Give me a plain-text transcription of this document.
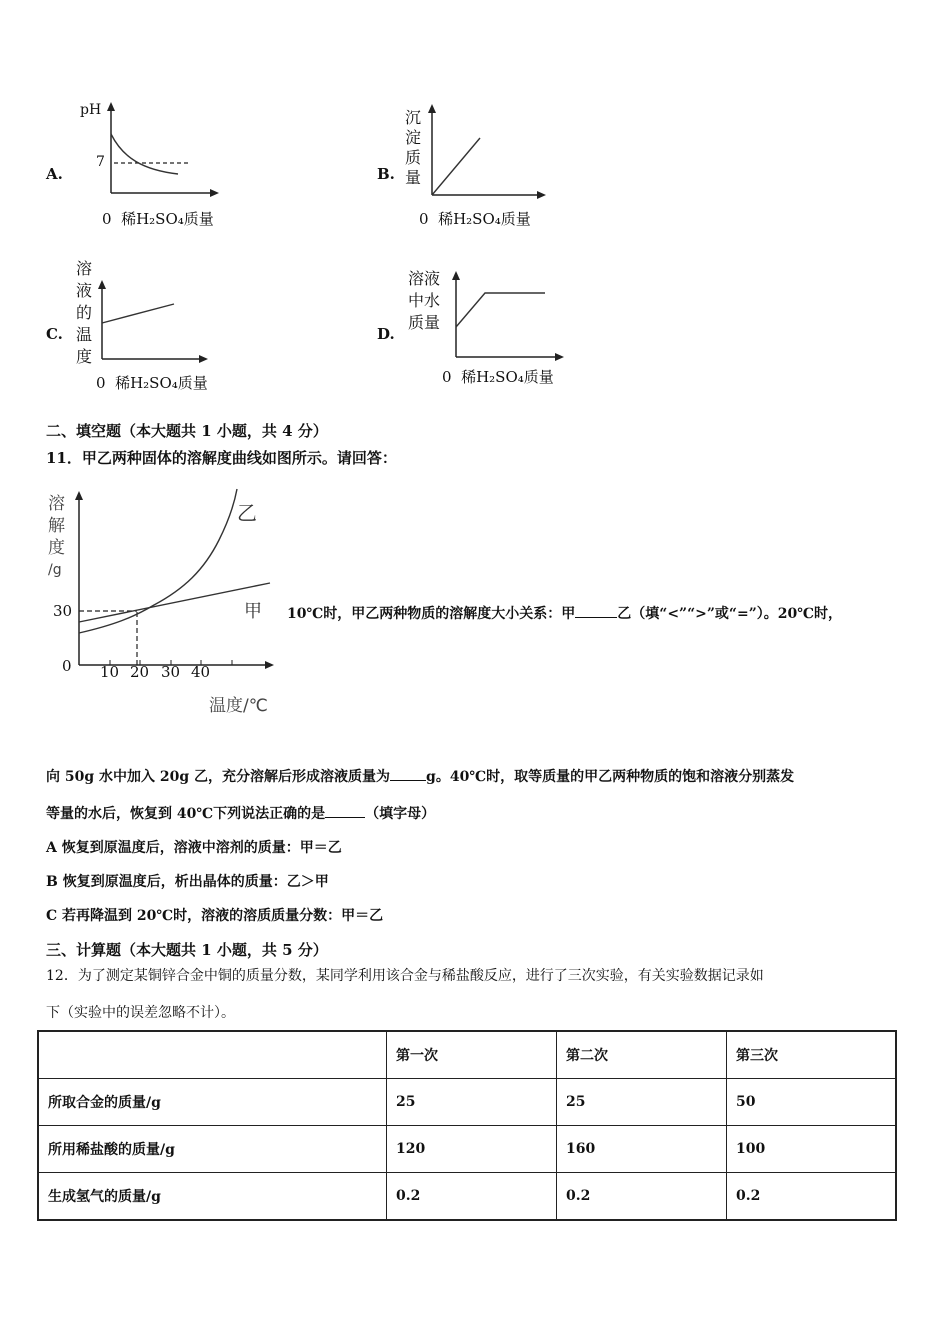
A.
pH
7
0  稀H₂SO₄质量
B.
沉淀质量
0  稀H₂SO₄质量
C.
溶液的温度
0  稀H₂SO₄质量
D.
溶液中水质量
0  稀H₂SO₄质量
二、填空题（本大题共 1 小题，共 4 分）
11．甲乙两种固体的溶解度曲线如图所示。请回答：
溶
解
度
/g
30
0 10 20 30 40
温度/℃
乙
甲 10℃时，甲乙两种物质的溶解度大小关系：甲	乙（填“<”“>”或“=”）。20℃时，
向 50g 水中加入 20g 乙，充分溶解后形成溶液质量为	g。40℃时，取等质量的甲乙两种物质的饱和溶液分别蒸发
等量的水后，恢复到 40℃下列说法正确的是	（填字母）
A 恢复到原温度后，溶液中溶剂的质量：甲＝乙
B 恢复到原温度后，析出晶体的质量：乙＞甲
C 若再降温到 20℃时，溶液的溶质质量分数：甲＝乙
三、计算题（本大题共 1 小题，共 5 分）
12．为了测定某铜锌合金中铜的质量分数，某同学利用该合金与稀盐酸反应，进行了三次实验，有关实验数据记录如
下（实验中的误差忽略不计）。
	第一次	第二次	第三次
所取合金的质量/g	25	25	50
所用稀盐酸的质量/g	120	160	100
生成氢气的质量/g	0.2	0.2	0.2
